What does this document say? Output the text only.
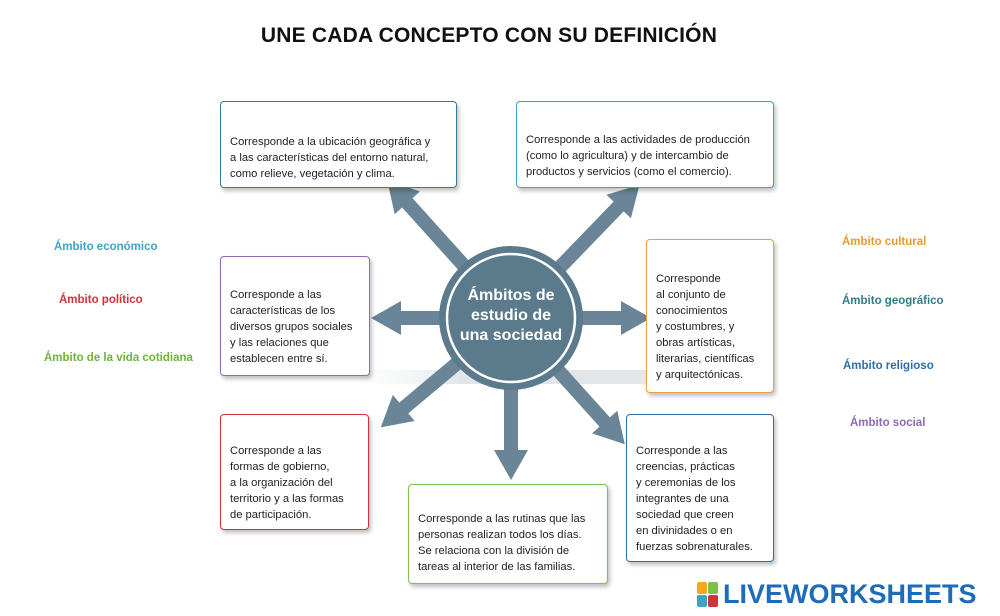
UNE CADA CONCEPTO CON SU DEFINICIÓN
Ámbitos de
estudio de
una sociedad
Corresponde a la ubicación geográfica y
a las características del entorno natural,
como relieve, vegetación y clima.
Corresponde a las actividades de producción
(como lo agricultura) y de intercambio de
productos y servicios (como el comercio).
Corresponde a las
características de los
diversos grupos sociales
y las relaciones que
establecen entre sí.
Corresponde
al conjunto de
conocimientos
y costumbres, y
obras artísticas,
literarias, científicas
y arquitectónicas.
Corresponde a las
formas de gobierno,
a la organización del
territorio y a las formas
de participación.	Corresponde a las rutinas que las
personas realizan todos los días.
Se relaciona con la división de
tareas al interior de las familias.
Corresponde a las
creencias, prácticas
y ceremonias de los
integrantes de una
sociedad que creen
en divinidades o en
fuerzas sobrenaturales.
Ámbito económico
Ámbito político
Ámbito de la vida cotidiana
Ámbito cultural
Ámbito geográfico
Ámbito religioso
Ámbito social
LIVEWORKSHEETS
